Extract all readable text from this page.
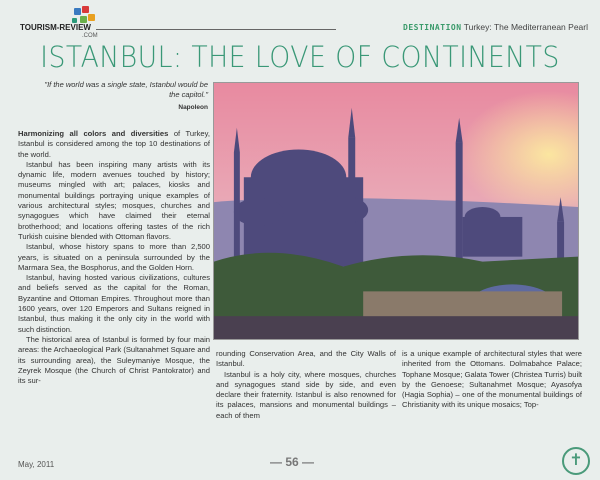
TOURISM-REVIEW
.COM
DESTINATION Turkey: The Mediterranean Pearl
ISTANBUL: THE LOVE OF CONTINENTS
"If the world was a single state, Istanbul would be the capitol."
Napoleon

Harmonizing all colors and diversities of Turkey, Istanbul is considered among the top 10 destinations of the world.

Istanbul has been inspiring many artists with its dynamic life, modern avenues touched by history; museums mingled with art; palaces, kiosks and monumental buildings portraying unique examples of various architectural styles; mosques, churches and synagogues which have claimed their eternal brotherhood; and locations offering tastes of the rich Turkish cuisine blended with Ottoman flavors.

Istanbul, whose history spans to more than 2,500 years, is situated on a peninsula surrounded by the Marmara Sea, the Bosphorus, and the Golden Horn.

Istanbul, having hosted various civilizations, cultures and beliefs served as the capital for the Roman, Byzantine and Ottoman Empires. Throughout more than 1600 years, over 120 Emperors and Sultans reigned in Istanbul, thus making it the only city in the world with such distinction.

The historical area of Istanbul is formed by four main areas: the Archaeological Park (Sultanahmet Square and its surrounding area), the Suleymaniye Mosque, the Zeyrek Mosque (the Church of Christ Pantokrator) and its sur-

rounding Conservation Area, and the City Walls of Istanbul.

Istanbul is a holy city, where mosques, churches and synagogues stand side by side, and even declare their fraternity. Istanbul is also renowned for its palaces, mansions and monumental buildings – each of them

is a unique example of architectural styles that were inherited from the Ottomans. Dolmabahce Palace; Tophane Mosque; Galata Tower (Christea Turris) built by the Genoese; Sultanahmet Mosque; Ayasofya (Hagia Sophia) – one of the monumental buildings of Christianity with its unique mosaics; Top-

May, 2011	— 56 —	✝
